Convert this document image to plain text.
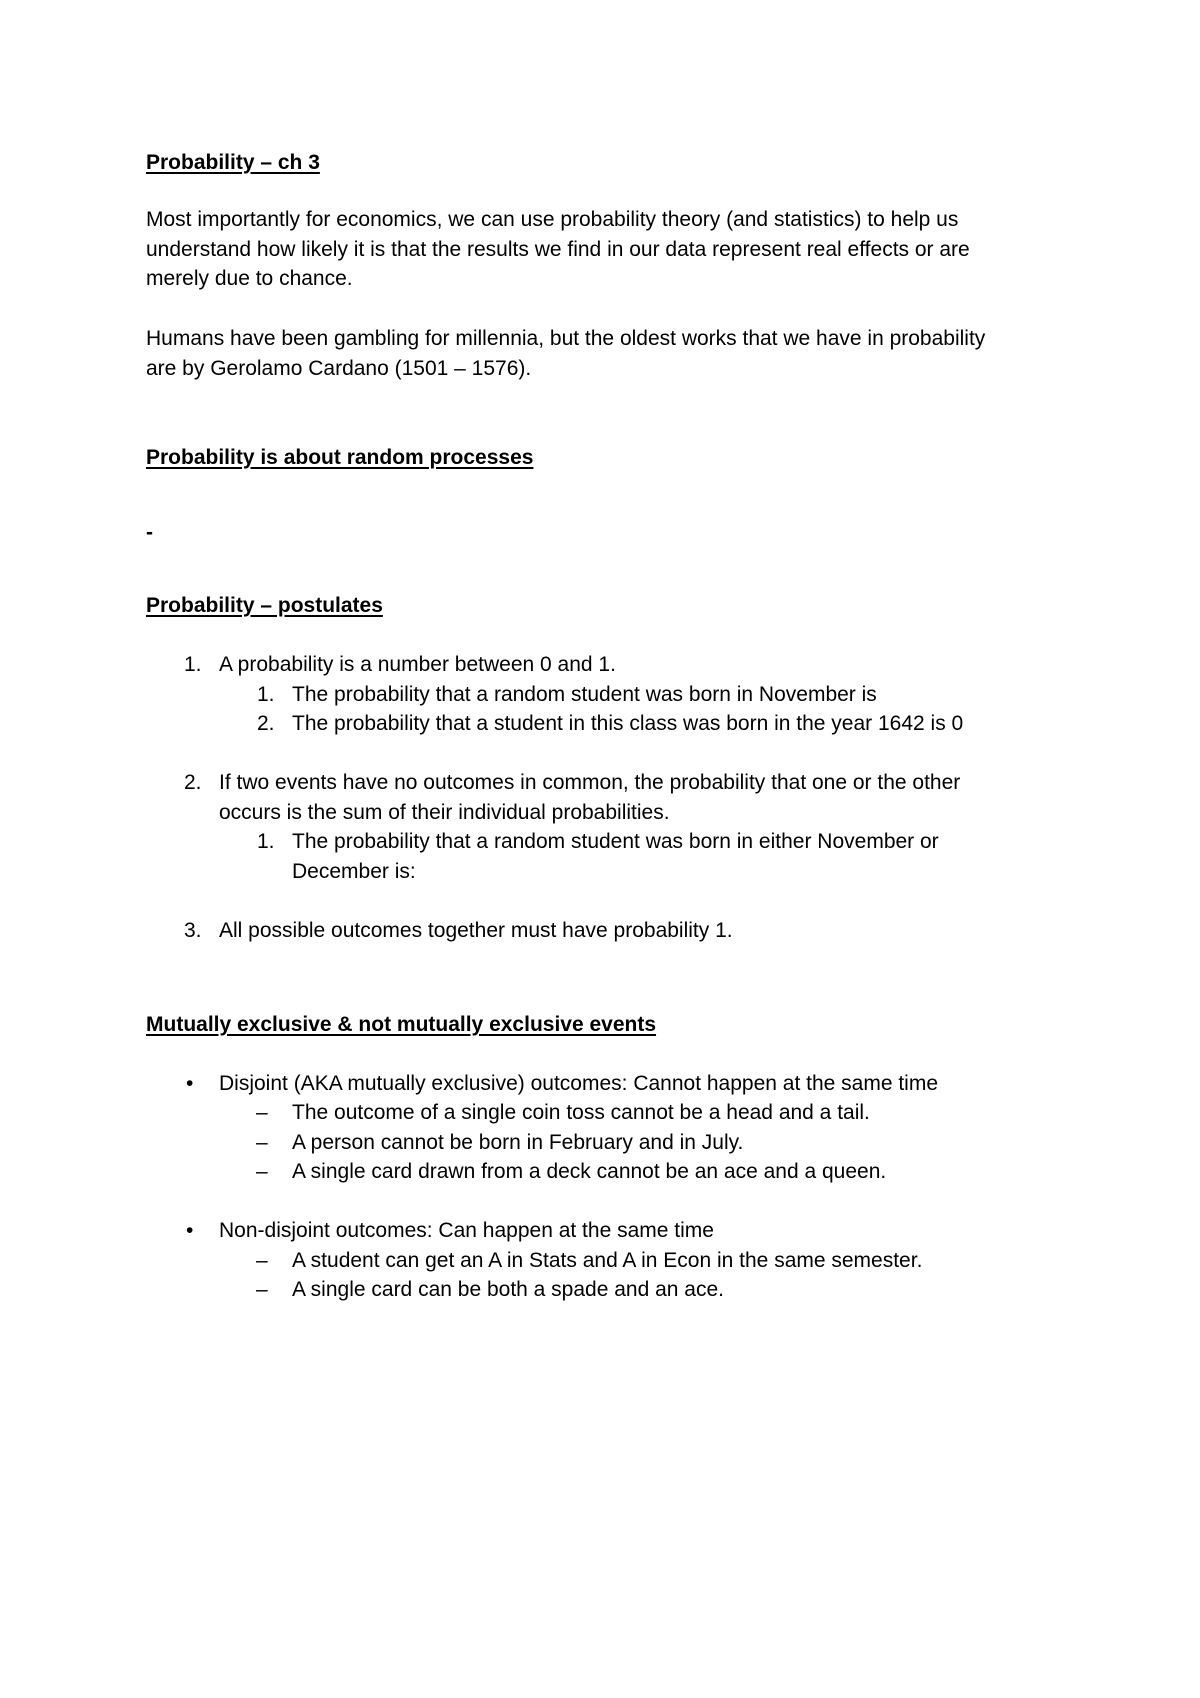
Probability – ch 3
Most importantly for economics, we can use probability theory (and statistics) to help us
understand how likely it is that the results we find in our data represent real effects or are
merely due to chance.
Humans have been gambling for millennia, but the oldest works that we have in probability
are by Gerolamo Cardano (1501 – 1576).
Probability is about random processes
-
Probability – postulates
1. A probability is a number between 0 and 1.
1. The probability that a random student was born in November is
2. The probability that a student in this class was born in the year 1642 is 0
2. If two events have no outcomes in common, the probability that one or the other
occurs is the sum of their individual probabilities.
1. The probability that a random student was born in either November or
December is:
3. All possible outcomes together must have probability 1.
Mutually exclusive & not mutually exclusive events
• Disjoint (AKA mutually exclusive) outcomes: Cannot happen at the same time
– The outcome of a single coin toss cannot be a head and a tail.
– A person cannot be born in February and in July.
– A single card drawn from a deck cannot be an ace and a queen.
• Non-disjoint outcomes: Can happen at the same time
– A student can get an A in Stats and A in Econ in the same semester.
– A single card can be both a spade and an ace.
